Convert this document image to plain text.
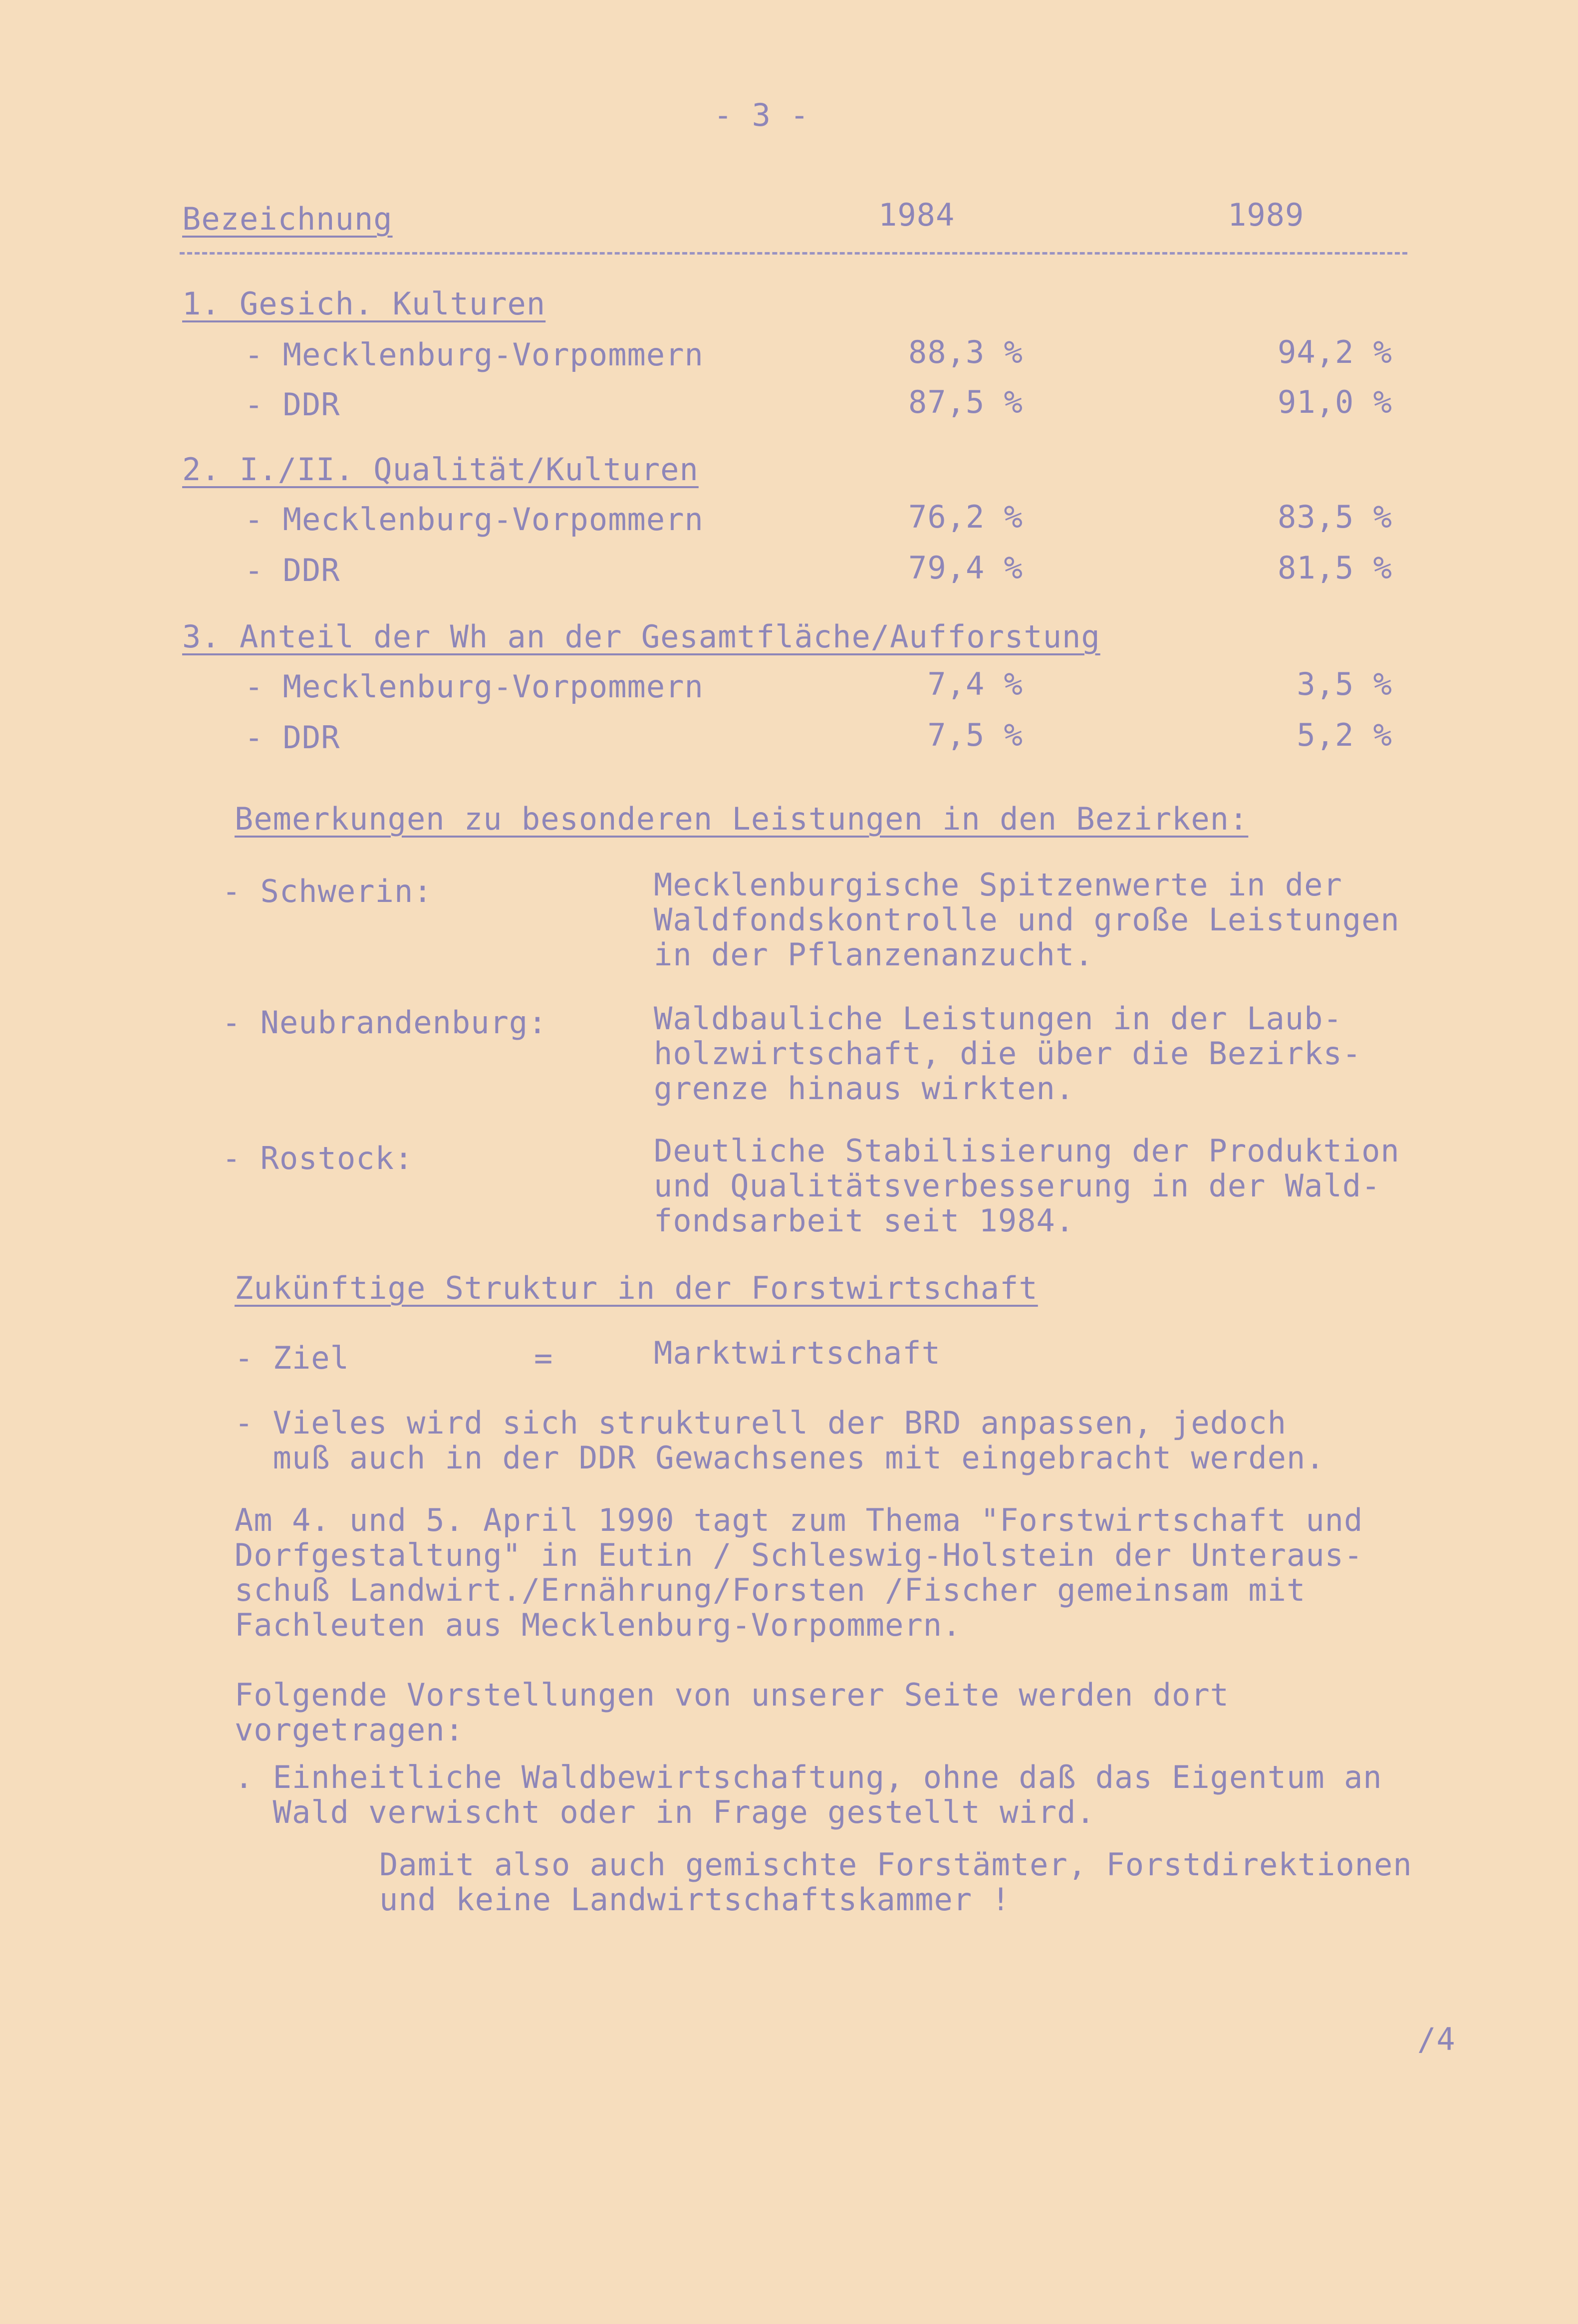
- 3 -
Bezeichnung	1984	1989
1. Gesich. Kulturen
- Mecklenburg-Vorpommern	88,3 %	94,2 %
- DDR	87,5 %	91,0 %
2. I./II. Qualität/Kulturen
- Mecklenburg-Vorpommern	76,2 %	83,5 %
- DDR	79,4 %	81,5 %
3. Anteil der Wh an der Gesamtfläche/Aufforstung
- Mecklenburg-Vorpommern	7,4 %	3,5 %
- DDR	7,5 %	5,2 %
Bemerkungen zu besonderen Leistungen in den Bezirken:
- Schwerin:	Mecklenburgische Spitzenwerte in der
Waldfondskontrolle und große Leistungen
in der Pflanzenanzucht.
- Neubrandenburg:	Waldbauliche Leistungen in der Laub-
holzwirtschaft, die über die Bezirks-
grenze hinaus wirkten.
- Rostock:	Deutliche Stabilisierung der Produktion
und Qualitätsverbesserung in der Wald-
fondsarbeit seit 1984.
Zukünftige Struktur in der Forstwirtschaft
- Ziel	=	Marktwirtschaft
- Vieles wird sich strukturell der BRD anpassen, jedoch
muß auch in der DDR Gewachsenes mit eingebracht werden.
Am 4. und 5. April 1990 tagt zum Thema "Forstwirtschaft und
Dorfgestaltung" in Eutin / Schleswig-Holstein der Unteraus-
schuß Landwirt./Ernährung/Forsten /Fischer gemeinsam mit
Fachleuten aus Mecklenburg-Vorpommern.
Folgende Vorstellungen von unserer Seite werden dort
vorgetragen:
. Einheitliche Waldbewirtschaftung, ohne daß das Eigentum an
Wald verwischt oder in Frage gestellt wird.
Damit also auch gemischte Forstämter, Forstdirektionen
und keine Landwirtschaftskammer !
/4
